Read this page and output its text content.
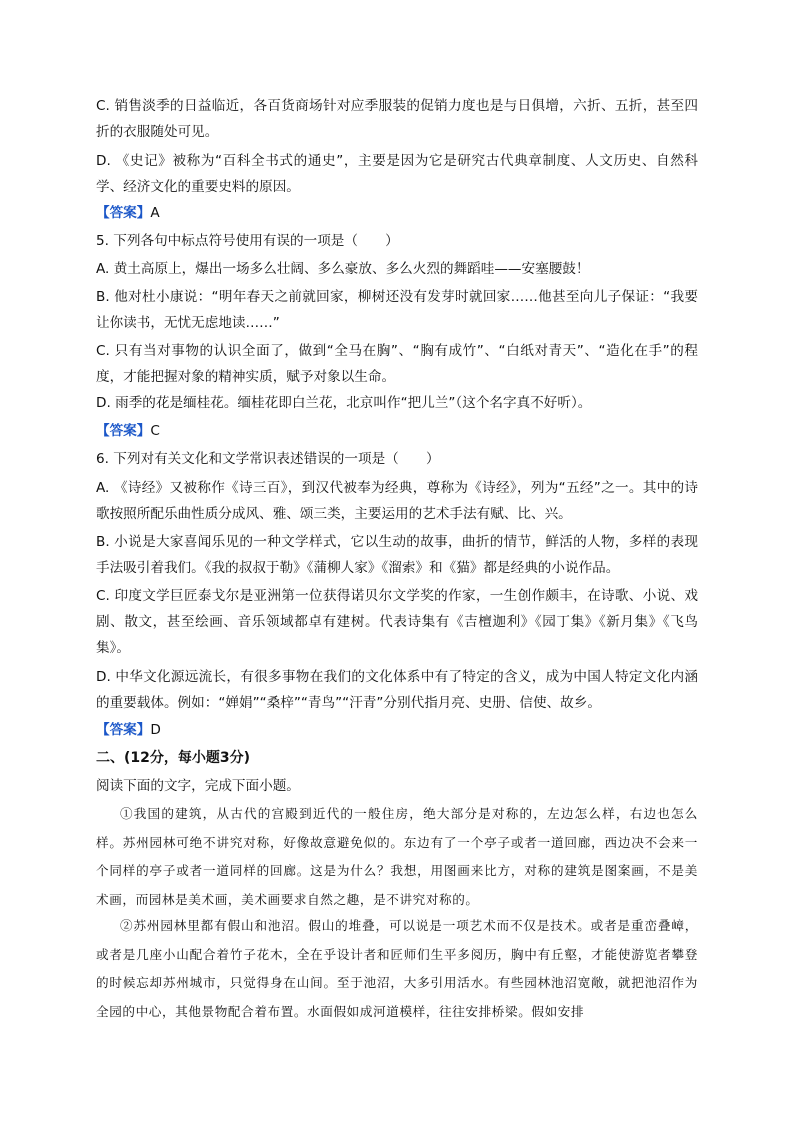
C. 销售淡季的日益临近，各百货商场针对应季服装的促销力度也是与日俱增，六折、五折，甚至四折的衣服随处可见。
D. 《史记》被称为“百科全书式的通史”，主要是因为它是研究古代典章制度、人文历史、自然科学、经济文化的重要史料的原因。
【答案】A
5. 下列各句中标点符号使用有误的一项是（　　）
A. 黄土高原上，爆出一场多么壮阔、多么豪放、多么火烈的舞蹈哇——安塞腰鼓！
B. 他对杜小康说：“明年春天之前就回家，柳树还没有发芽时就回家……他甚至向儿子保证：“我要让你读书，无忧无虑地读……”
C. 只有当对事物的认识全面了，做到“全马在胸”、“胸有成竹”、“白纸对青天”、“造化在手”的程度，才能把握对象的精神实质，赋予对象以生命。
D. 雨季的花是缅桂花。缅桂花即白兰花，北京叫作“把儿兰”（这个名字真不好听）。
【答案】C
6. 下列对有关文化和文学常识表述错误的一项是（　　）
A. 《诗经》又被称作《诗三百》，到汉代被奉为经典，尊称为《诗经》，列为“五经”之一。其中的诗歌按照所配乐曲性质分成风、雅、颂三类，主要运用的艺术手法有赋、比、兴。
B. 小说是大家喜闻乐见的一种文学样式，它以生动的故事，曲折的情节，鲜活的人物，多样的表现手法吸引着我们。《我的叔叔于勒》《蒲柳人家》《溜索》和《猫》都是经典的小说作品。
C. 印度文学巨匠泰戈尔是亚洲第一位获得诺贝尔文学奖的作家，一生创作颇丰，在诗歌、小说、戏剧、散文，甚至绘画、音乐领域都卓有建树。代表诗集有《吉檀迦利》《园丁集》《新月集》《飞鸟集》。
D. 中华文化源远流长，有很多事物在我们的文化体系中有了特定的含义，成为中国人特定文化内涵的重要载体。例如：“婵娟”“桑梓”“青鸟”“汗青”分别代指月亮、史册、信使、故乡。
【答案】D
二、(12分，每小题3分)
阅读下面的文字，完成下面小题。
①我国的建筑，从古代的宫殿到近代的一般住房，绝大部分是对称的，左边怎么样，右边也怎么样。苏州园林可绝不讲究对称，好像故意避免似的。东边有了一个亭子或者一道回廊，西边决不会来一个同样的亭子或者一道同样的回廊。这是为什么？我想，用图画来比方，对称的建筑是图案画，不是美术画，而园林是美术画，美术画要求自然之趣，是不讲究对称的。
②苏州园林里都有假山和池沼。假山的堆叠，可以说是一项艺术而不仅是技术。或者是重峦叠嶂，或者是几座小山配合着竹子花木，全在乎设计者和匠师们生平多阅历，胸中有丘壑，才能使游览者攀登的时候忘却苏州城市，只觉得身在山间。至于池沼，大多引用活水。有些园林池沼宽敞，就把池沼作为全园的中心，其他景物配合着布置。水面假如成河道模样，往往安排桥梁。假如安排
